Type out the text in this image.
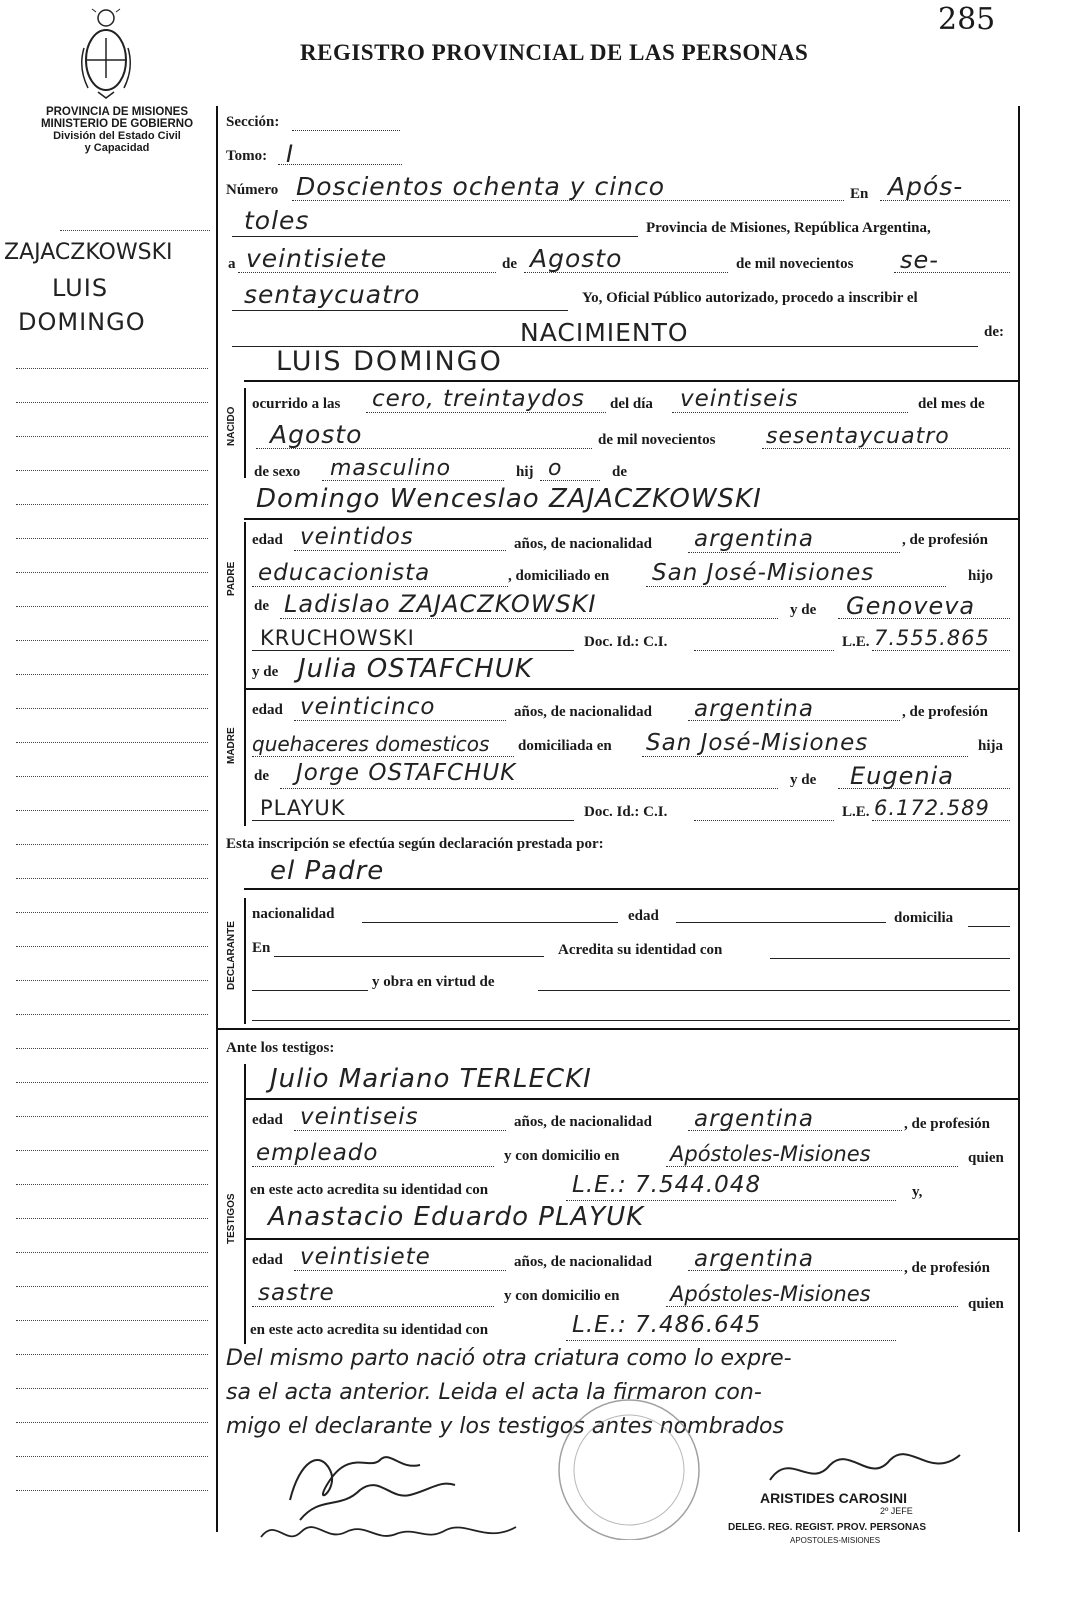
285
REGISTRO PROVINCIAL DE LAS PERSONAS
PROVINCIA DE MISIONES
MINISTERIO DE GOBIERNO
División del Estado Civil
y Capacidad
ZAJACZKOWSKI
LUIS
DOMINGO
NACIDO
PADRE
MADRE
DECLARANTE
TESTIGOS
Sección:
Tomo: I
Número Doscientos ochenta y cinco	En Após-
toles	Provincia de Misiones, República Argentina,
a veintisiete	de Agosto	de mil novecientos se-
sentaycuatro	Yo, Oficial Público autorizado, procedo a inscribir el
NACIMIENTO	de:
LUIS DOMINGO
ocurrido a las cero, treintaydos del día veintiseis	del mes de
Agosto	de mil novecientos sesentaycuatro
de sexo masculino	hij o	de
Domingo Wenceslao ZAJACZKOWSKI
edad veintidos	años, de nacionalidad argentina	, de profesión
educacionista	, domiciliado en San José-Misiones	hijo
de Ladislao ZAJACZKOWSKI	y de Genoveva
KRUCHOWSKI	Doc. Id.: C.I.	L.E. 7.555.865
y de Julia OSTAFCHUK
edad veinticinco	años, de nacionalidad argentina	, de profesión
quehaceres domesticos domiciliada en San José-Misiones	hija
de Jorge OSTAFCHUK	y de Eugenia
PLAYUK	Doc. Id.: C.I.	L.E. 6.172.589
Esta inscripción se efectúa según declaración prestada por:
el Padre
nacionalidad	edad	domicilia
En	Acredita su identidad con
y obra en virtud de
Ante los testigos:
Julio Mariano TERLECKI
edad veintiseis	años, de nacionalidad argentina	, de profesión
empleado	y con domicilio en Apóstoles-Misiones	quien
en este acto acredita su identidad con	L.E.: 7.544.048	y,
Anastacio Eduardo PLAYUK
edad veintisiete	años, de nacionalidad argentina	, de profesión
sastre	y con domicilio en Apóstoles-Misiones	quien
en este acto acredita su identidad con	L.E.: 7.486.645
Del mismo parto nació otra criatura como lo expre-
sa el acta anterior. Leida el acta la firmaron con-
migo el declarante y los testigos antes nombrados
ARISTIDES CAROSINI
2º JEFE
DELEG. REG. REGIST. PROV. PERSONAS
APOSTOLES-MISIONES
